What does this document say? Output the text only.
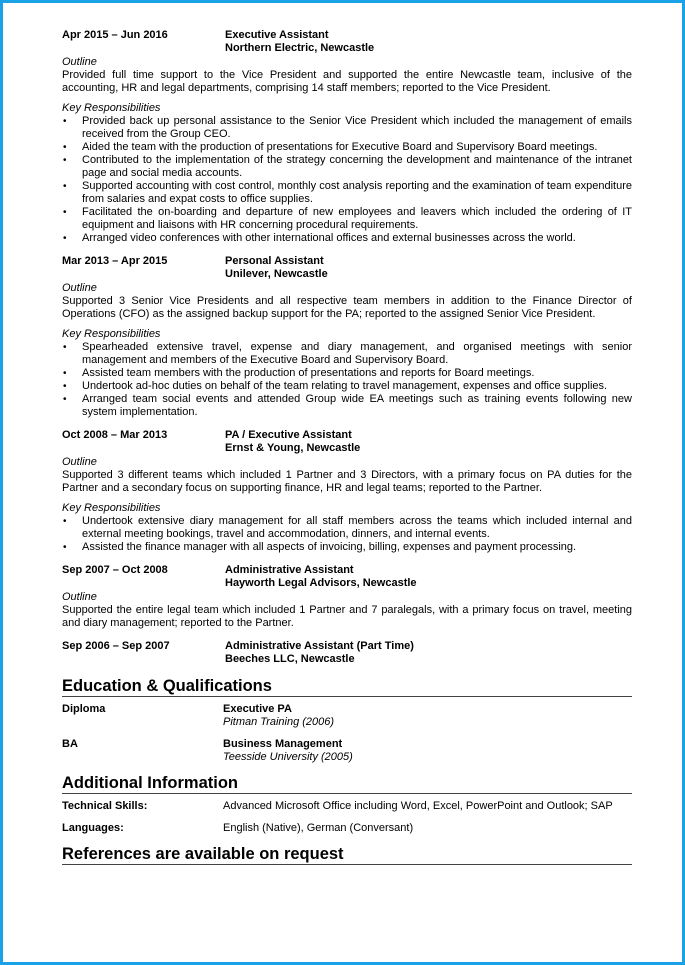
Apr 2015 – Jun 2016	Executive Assistant
Northern Electric, Newcastle
Outline
Provided full time support to the Vice President and supported the entire Newcastle team, inclusive of the accounting, HR and legal departments, comprising 14 staff members; reported to the Vice President.
Key Responsibilities
• Provided back up personal assistance to the Senior Vice President which included the management of emails received from the Group CEO.
• Aided the team with the production of presentations for Executive Board and Supervisory Board meetings.
• Contributed to the implementation of the strategy concerning the development and maintenance of the intranet page and social media accounts.
• Supported accounting with cost control, monthly cost analysis reporting and the examination of team expenditure from salaries and expat costs to office supplies.
• Facilitated the on-boarding and departure of new employees and leavers which included the ordering of IT equipment and liaisons with HR concerning procedural requirements.
• Arranged video conferences with other international offices and external businesses across the world.
Mar 2013 – Apr 2015	Personal Assistant
Unilever, Newcastle
Outline
Supported 3 Senior Vice Presidents and all respective team members in addition to the Finance Director of Operations (CFO) as the assigned backup support for the PA; reported to the assigned Senior Vice President.
Key Responsibilities
• Spearheaded extensive travel, expense and diary management, and organised meetings with senior management and members of the Executive Board and Supervisory Board.
• Assisted team members with the production of presentations and reports for Board meetings.
• Undertook ad-hoc duties on behalf of the team relating to travel management, expenses and office supplies.
• Arranged team social events and attended Group wide EA meetings such as training events following new system implementation.
Oct 2008 – Mar 2013	PA / Executive Assistant
Ernst & Young, Newcastle
Outline
Supported 3 different teams which included 1 Partner and 3 Directors, with a primary focus on PA duties for the Partner and a secondary focus on supporting finance, HR and legal teams; reported to the Partner.
Key Responsibilities
• Undertook extensive diary management for all staff members across the teams which included internal and external meeting bookings, travel and accommodation, dinners, and internal events.
• Assisted the finance manager with all aspects of invoicing, billing, expenses and payment processing.
Sep 2007 – Oct 2008	Administrative Assistant
Hayworth Legal Advisors, Newcastle
Outline
Supported the entire legal team which included 1 Partner and 7 paralegals, with a primary focus on travel, meeting and diary management; reported to the Partner.
Sep 2006 – Sep 2007	Administrative Assistant (Part Time)
Beeches LLC, Newcastle
Education & Qualifications
Diploma	Executive PA
Pitman Training (2006)
BA	Business Management
Teesside University (2005)
Additional Information
Technical Skills:	Advanced Microsoft Office including Word, Excel, PowerPoint and Outlook; SAP
Languages:	English (Native), German (Conversant)
References are available on request
